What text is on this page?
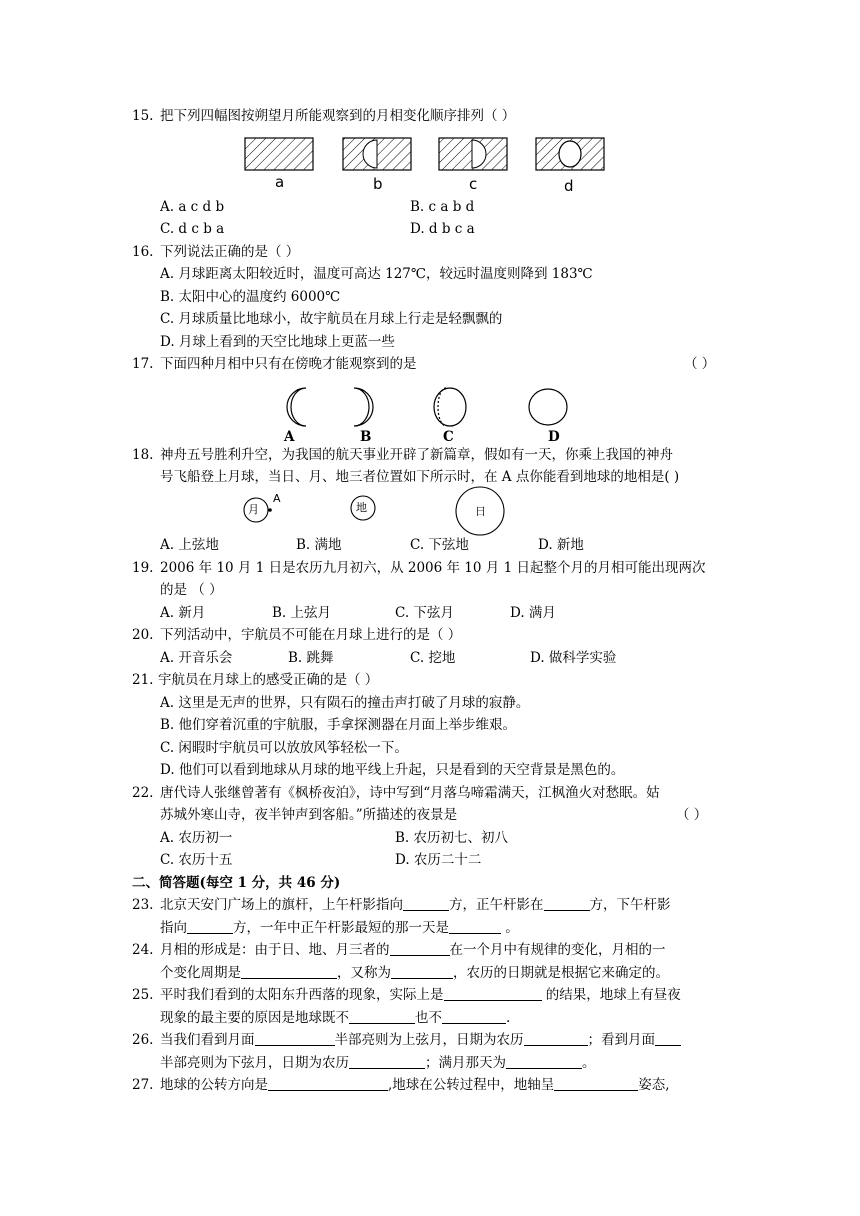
15. 把下列四幅图按朔望月所能观察到的月相变化顺序排列（ ）
a	b	c	d
A. a c d b	B. c a b d
C. d c b a	D. d b c a
16. 下列说法正确的是（ ）
A. 月球距离太阳较近时，温度可高达 127℃，较远时温度则降到 183℃
B. 太阳中心的温度约 6000℃
C. 月球质量比地球小，故宇航员在月球上行走是轻飘飘的
D. 月球上看到的天空比地球上更蓝一些
17. 下面四种月相中只有在傍晚才能观察到的是	（ ）
A	B	C	D
18. 神舟五号胜利升空，为我国的航天事业开辟了新篇章，假如有一天，你乘上我国的神舟
号飞船登上月球，当日、月、地三者位置如下所示时，在 A 点你能看到地球的地相是( )
月
A
地	日
A. 上弦地	B. 满地	C. 下弦地	D. 新地
19. 2006 年 10 月 1 日是农历九月初六，从 2006 年 10 月 1 日起整个月的月相可能出现两次
的是 （ ）
A. 新月	B. 上弦月	C. 下弦月	D. 满月
20. 下列活动中，宇航员不可能在月球上进行的是（ ）
A. 开音乐会	B. 跳舞	C. 挖地	D. 做科学实验
21. 宇航员在月球上的感受正确的是（ ）
A. 这里是无声的世界，只有陨石的撞击声打破了月球的寂静。
B. 他们穿着沉重的宇航服，手拿探测器在月面上举步维艰。
C. 闲暇时宇航员可以放放风筝轻松一下。
D. 他们可以看到地球从月球的地平线上升起，只是看到的天空背景是黑色的。
22. 唐代诗人张继曾著有《枫桥夜泊》，诗中写到“月落乌啼霜满天，江枫渔火对愁眠。姑
苏城外寒山寺，夜半钟声到客船。”所描述的夜景是	（ ）
A. 农历初一	B. 农历初七、初八
C. 农历十五	D. 农历二十二
二、简答题(每空 1 分，共 46 分)
23. 北京天安门广场上的旗杆，上午杆影指向	方，正午杆影在	方，下午杆影
指向	方，一年中正午杆影最短的那一天是	。
24. 月相的形成是：由于日、地、月三者的	在一个月中有规律的变化，月相的一
个变化周期是	，又称为	，农历的日期就是根据它来确定的。
25. 平时我们看到的太阳东升西落的现象，实际上是	的结果，地球上有昼夜
现象的最主要的原因是地球既不	也不	.
26. 当我们看到月面	半部亮则为上弦月，日期为农历	；看到月面
半部亮则为下弦月，日期为农历	；满月那天为	。
27. 地球的公转方向是	,地球在公转过程中，地轴呈	姿态,
